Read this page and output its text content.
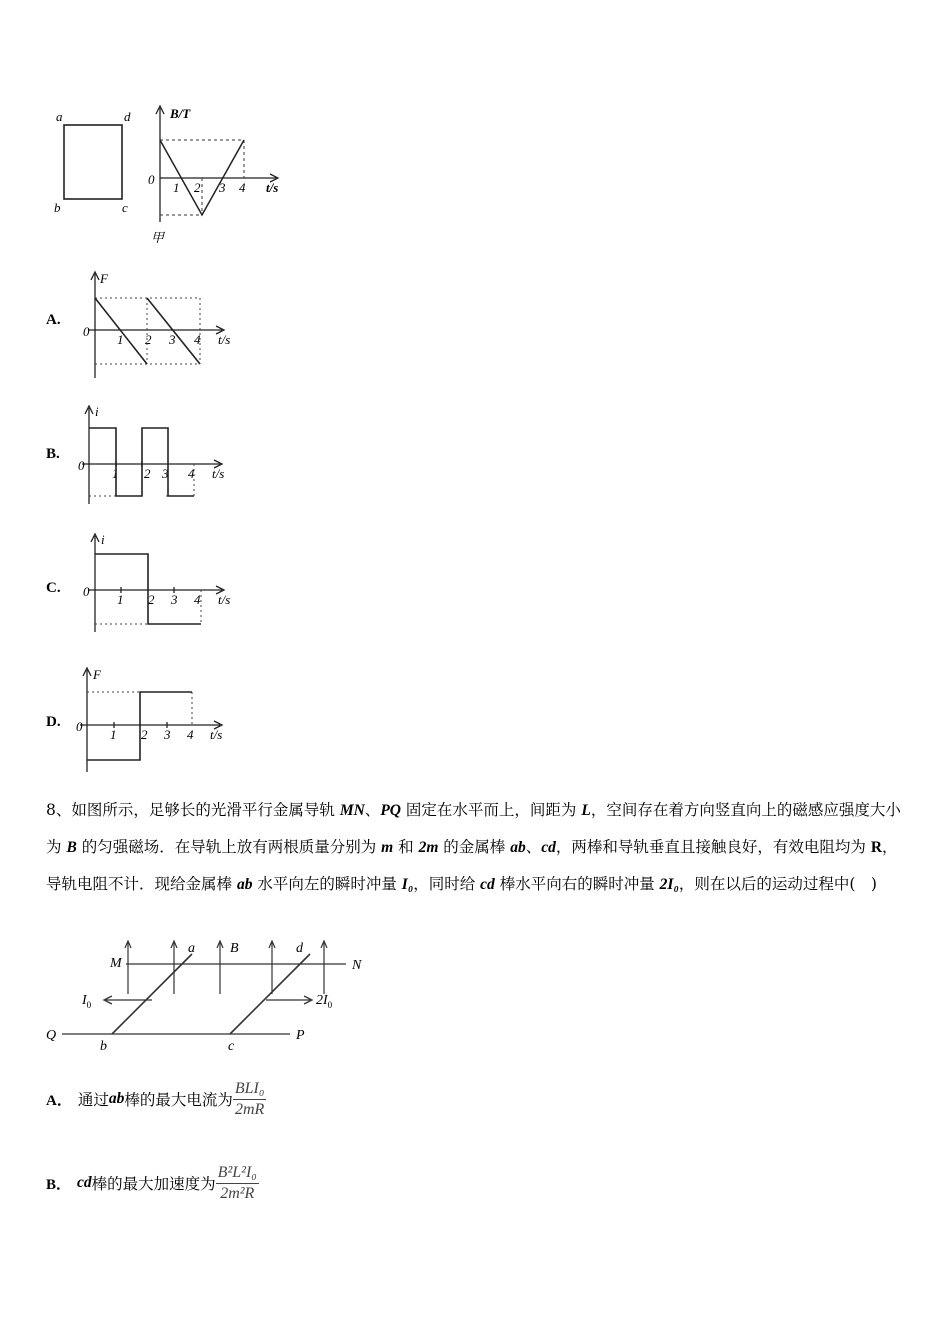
a	d
b	c
B/T
0
t/s
1 2 3 4
甲
A.
F
0
t/s
1 2 3 4
B.
i
0
t/s
1 2 3 4
C.
i
0
t/s
1 2 3 4
D.
F
0
t/s
1 2 3 4
8、如图所示，足够长的光滑平行金属导轨 MN、PQ 固定在水平而上，间距为 L，空间存在着方向竖直向上的磁感应强度大小为 B 的匀强磁场．在导轨上放有两根质量分别为 m 和 2m 的金属棒 ab、cd，两棒和导轨垂直且接触良好，有效电阻均为 R，导轨电阻不计．现给金属棒 ab 水平向左的瞬时冲量 I₀，同时给 cd 棒水平向右的瞬时冲量 2I₀，则在以后的运动过程中(　)
M	N
Q	P
a	d
b	c
B
$I_0$	$2I_0$
A． 通过 ab 棒的最大电流为 $\frac{\text{BLI₀}}{2mR}$
B． cd 棒的最大加速度为 $\frac{\text{B²L²I₀}}{\text{2m²R}}$
